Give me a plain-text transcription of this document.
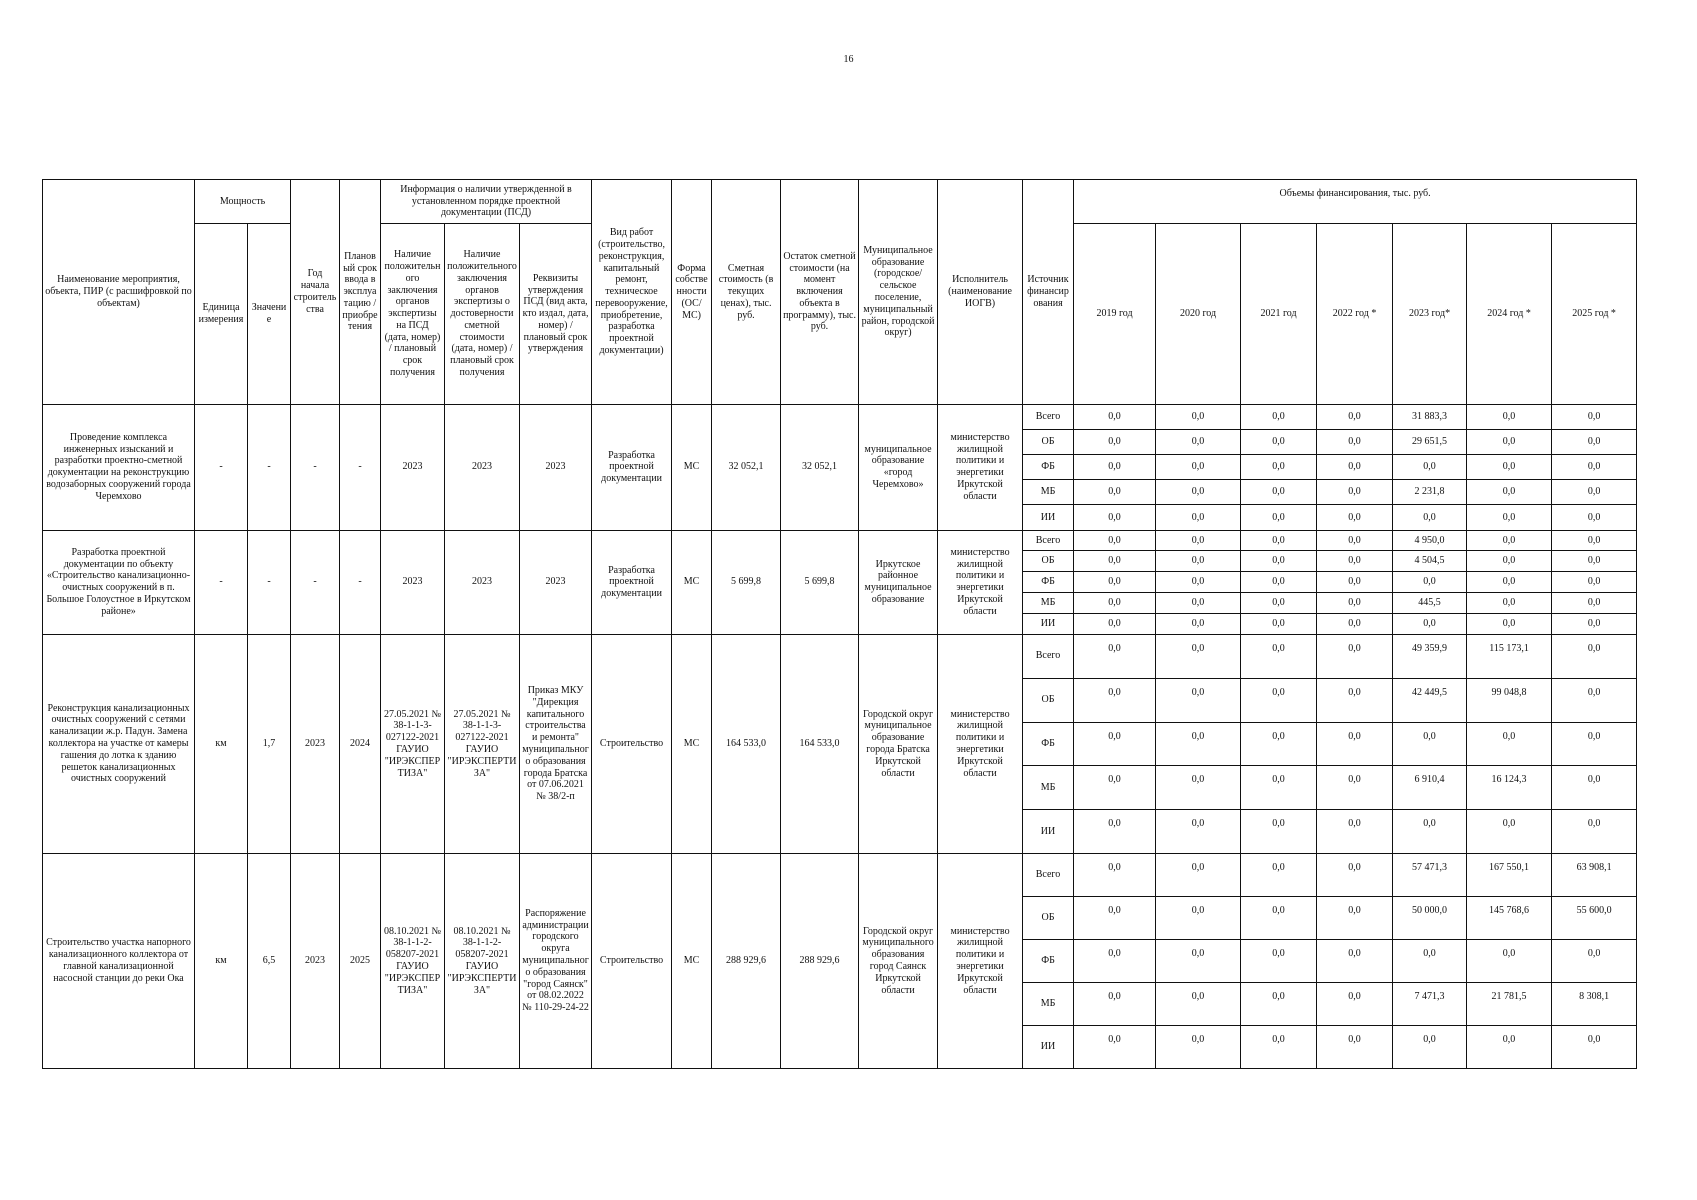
16
Наименование мероприятия, объекта, ПИР (с расшифровкой по объектам)	Мощность		Год начала строительства	Плановый срок ввода в эксплуатацию / приобретения	Информация о наличии утвержденной в установленном порядке проектной документации (ПСД)			Вид работ (строительство, реконструкция, капитальный ремонт, техническое перевооружение, приобретение, разработка проектной документации)	Форма собственности (ОС/МС)	Сметная стоимость (в текущих ценах), тыс. руб.	Остаток сметной стоимости (на момент включения объекта в программу), тыс. руб.	Муниципальное образование (городское/сельское поселение, муниципальный район, городской округ)	Исполнитель (наименование ИОГВ)	Источник финансирования	Объемы финансирования, тыс. руб.						
	Единица измерения	Значение			Наличие положительного заключения органов экспертизы на ПСД (дата, номер) / плановый срок получения	Наличие положительного заключения органов экспертизы о достоверности сметной стоимости (дата, номер) / плановый срок получения	Реквизиты утверждения ПСД (вид акта, кто издал, дата, номер) / плановый срок утверждения								2019 год	2020 год	2021 год	2022 год *	2023 год*	2024 год *	2025 год *
Проведение комплекса инженерных изысканий и разработки проектно-сметной документации на реконструкцию водозаборных сооружений города Черемхово	-	-	-	-	2023	2023	2023	Разработка проектной документации	МС	32 052,1	32 052,1	муниципальное образование «город Черемхово»	министерство жилищной политики и энергетики Иркутской области	Всего	0,0	0,0	0,0	0,0	31 883,3	0,0	0,0
														ОБ	0,0	0,0	0,0	0,0	29 651,5	0,0	0,0
														ФБ	0,0	0,0	0,0	0,0	0,0	0,0	0,0
														МБ	0,0	0,0	0,0	0,0	2 231,8	0,0	0,0
														ИИ	0,0	0,0	0,0	0,0	0,0	0,0	0,0
Разработка проектной документации по объекту «Строительство канализационно-очистных сооружений в п. Большое Голоустное в Иркутском районе»	-	-	-	-	2023	2023	2023	Разработка проектной документации	МС	5 699,8	5 699,8	Иркутское районное муниципальное образование	министерство жилищной политики и энергетики Иркутской области	Всего	0,0	0,0	0,0	0,0	4 950,0	0,0	0,0
														ОБ	0,0	0,0	0,0	0,0	4 504,5	0,0	0,0
														ФБ	0,0	0,0	0,0	0,0	0,0	0,0	0,0
														МБ	0,0	0,0	0,0	0,0	445,5	0,0	0,0
														ИИ	0,0	0,0	0,0	0,0	0,0	0,0	0,0
Реконструкция канализационных очистных сооружений с сетями канализации ж.р. Падун. Замена коллектора на участке от камеры гашения до лотка к зданию решеток канализационных очистных сооружений	км	1,7	2023	2024	27.05.2021 № 38-1-1-3-027122-2021 ГАУИО "ИРЭКСПЕРТИЗА"	27.05.2021 № 38-1-1-3-027122-2021 ГАУИО "ИРЭКСПЕРТИЗА"	Приказ МКУ "Дирекция капитального строительства и ремонта" муниципального образования города Братска от 07.06.2021 № 38/2-п	Строительство	МС	164 533,0	164 533,0	Городской округ муниципальное образование города Братска Иркутской области	министерство жилищной политики и энергетики Иркутской области	Всего	0,0	0,0	0,0	0,0	49 359,9	115 173,1	0,0
														ОБ	0,0	0,0	0,0	0,0	42 449,5	99 048,8	0,0
														ФБ	0,0	0,0	0,0	0,0	0,0	0,0	0,0
														МБ	0,0	0,0	0,0	0,0	6 910,4	16 124,3	0,0
														ИИ	0,0	0,0	0,0	0,0	0,0	0,0	0,0
Строительство участка напорного канализационного коллектора от главной канализационной насосной станции до реки Ока	км	6,5	2023	2025	08.10.2021 № 38-1-1-2-058207-2021 ГАУИО "ИРЭКСПЕРТИЗА"	08.10.2021 № 38-1-1-2-058207-2021 ГАУИО "ИРЭКСПЕРТИЗА"	Распоряжение администрации городского округа муниципального образования "город Саянск" от 08.02.2022 № 110-29-24-22	Строительство	МС	288 929,6	288 929,6	Городской округ муниципального образования город Саянск Иркутской области	министерство жилищной политики и энергетики Иркутской области	Всего	0,0	0,0	0,0	0,0	57 471,3	167 550,1	63 908,1
														ОБ	0,0	0,0	0,0	0,0	50 000,0	145 768,6	55 600,0
														ФБ	0,0	0,0	0,0	0,0	0,0	0,0	0,0
														МБ	0,0	0,0	0,0	0,0	7 471,3	21 781,5	8 308,1
														ИИ	0,0	0,0	0,0	0,0	0,0	0,0	0,0
